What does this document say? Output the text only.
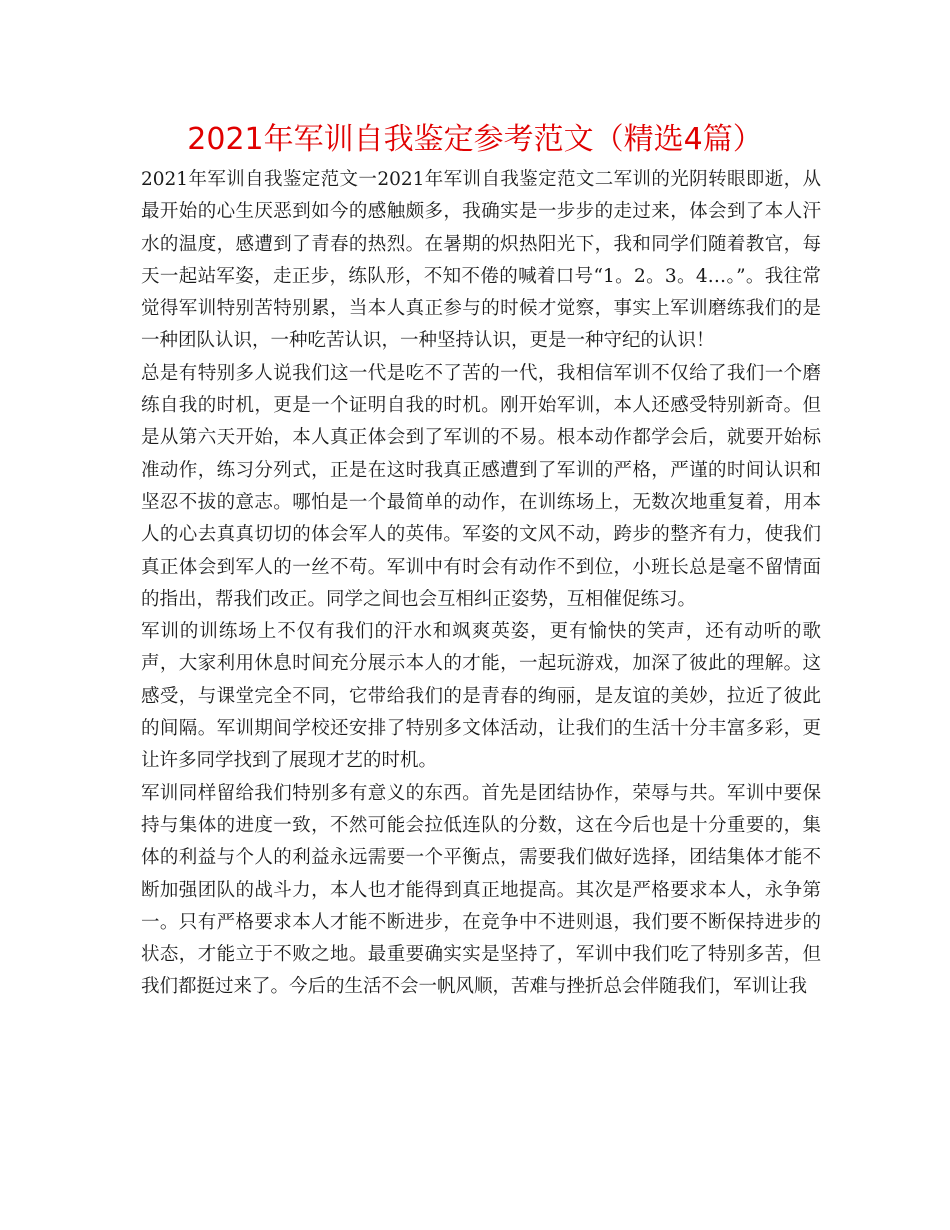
2021年军训自我鉴定参考范文（精选4篇）

2021年军训自我鉴定范文一2021年军训自我鉴定范文二军训的光阴转眼即逝，从最开始的心生厌恶到如今的感触颇多，我确实是一步步的走过来，体会到了本人汗水的温度，感遭到了青春的热烈。在暑期的炽热阳光下，我和同学们随着教官，每天一起站军姿，走正步，练队形，不知不倦的喊着口号“1。2。3。4…。”。我往常觉得军训特别苦特别累，当本人真正参与的时候才觉察，事实上军训磨练我们的是一种团队认识，一种吃苦认识，一种坚持认识，更是一种守纪的认识！

总是有特别多人说我们这一代是吃不了苦的一代，我相信军训不仅给了我们一个磨练自我的时机，更是一个证明自我的时机。刚开始军训，本人还感受特别新奇。但是从第六天开始，本人真正体会到了军训的不易。根本动作都学会后，就要开始标准动作，练习分列式，正是在这时我真正感遭到了军训的严格，严谨的时间认识和坚忍不拔的意志。哪怕是一个最简单的动作，在训练场上，无数次地重复着，用本人的心去真真切切的体会军人的英伟。军姿的文风不动，跨步的整齐有力，使我们真正体会到军人的一丝不苟。军训中有时会有动作不到位，小班长总是毫不留情面的指出，帮我们改正。同学之间也会互相纠正姿势，互相催促练习。

军训的训练场上不仅有我们的汗水和飒爽英姿，更有愉快的笑声，还有动听的歌声，大家利用休息时间充分展示本人的才能，一起玩游戏，加深了彼此的理解。这感受，与课堂完全不同，它带给我们的是青春的绚丽，是友谊的美妙，拉近了彼此的间隔。军训期间学校还安排了特别多文体活动，让我们的生活十分丰富多彩，更让许多同学找到了展现才艺的时机。

军训同样留给我们特别多有意义的东西。首先是团结协作，荣辱与共。军训中要保持与集体的进度一致，不然可能会拉低连队的分数，这在今后也是十分重要的，集体的利益与个人的利益永远需要一个平衡点，需要我们做好选择，团结集体才能不断加强团队的战斗力，本人也才能得到真正地提高。其次是严格要求本人，永争第一。只有严格要求本人才能不断进步，在竞争中不进则退，我们要不断保持进步的状态，才能立于不败之地。最重要确实实是坚持了，军训中我们吃了特别多苦，但我们都挺过来了。今后的生活不会一帆风顺，苦难与挫折总会伴随我们，军训让我
